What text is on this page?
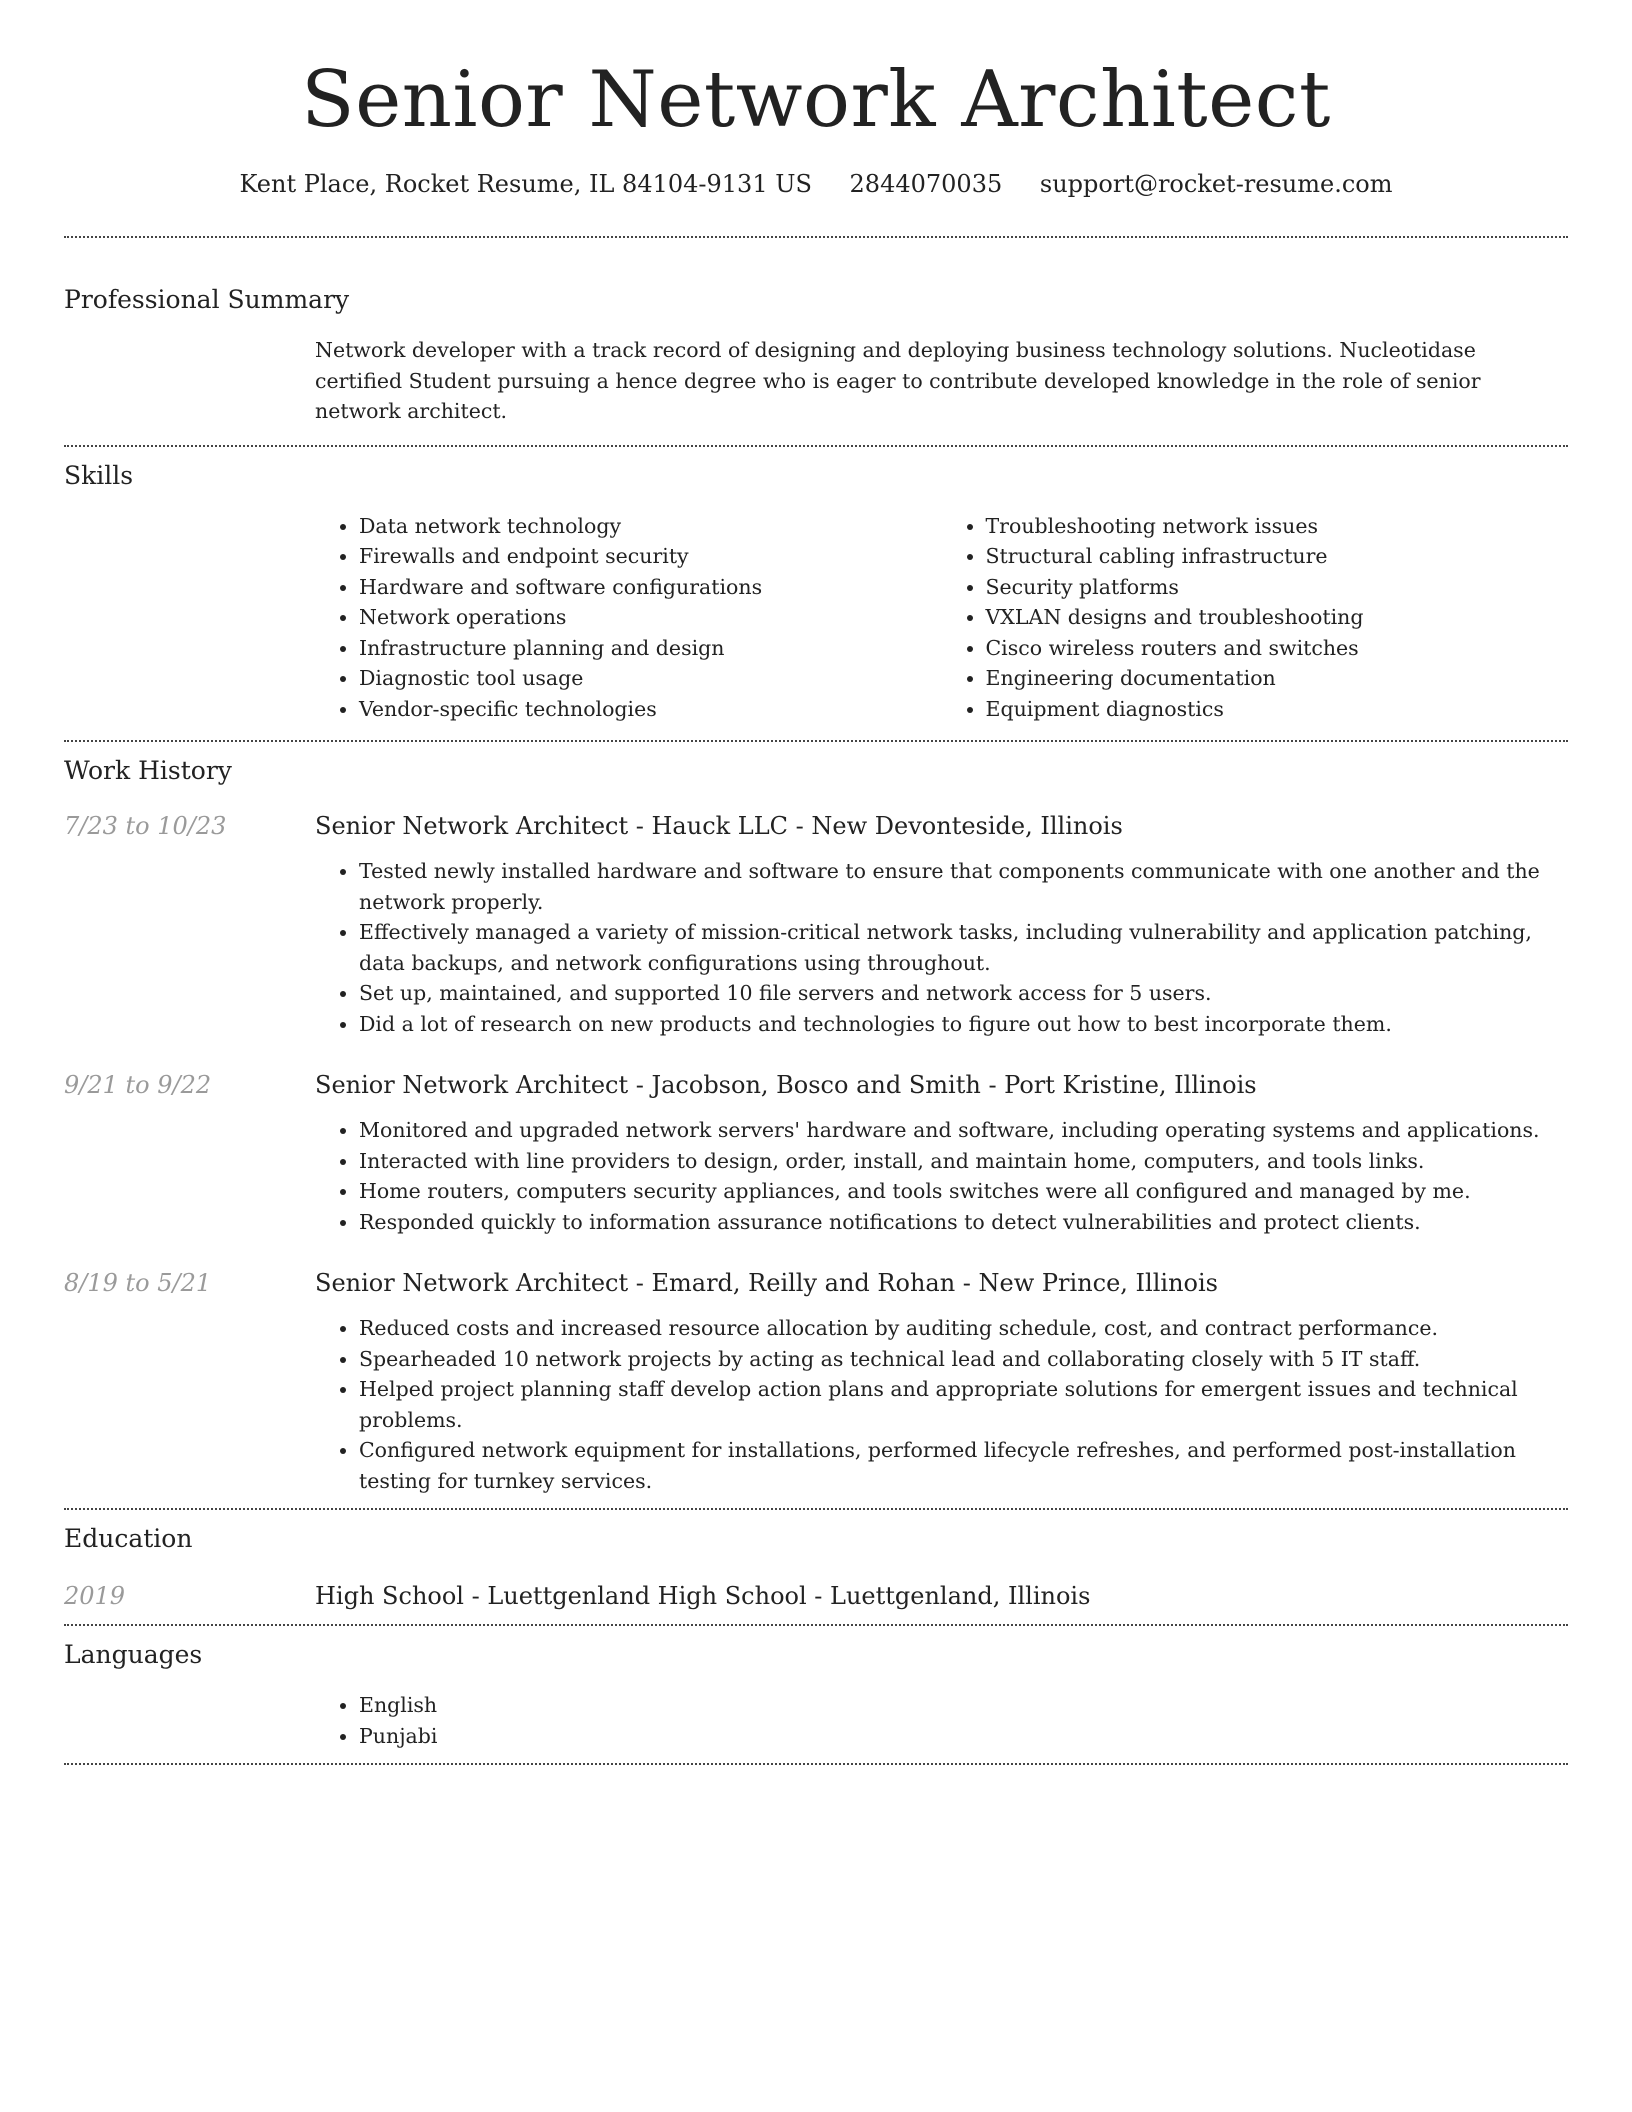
Senior Network Architect
Kent Place, Rocket Resume, IL 84104-9131 US 2844070035 support@rocket-resume.com
Professional Summary
Network developer with a track record of designing and deploying business technology solutions. Nucleotidase certified Student pursuing a hence degree who is eager to contribute developed knowledge in the role of senior network architect.
Skills
• Data network technology
• Firewalls and endpoint security
• Hardware and software configurations
• Network operations
• Infrastructure planning and design
• Diagnostic tool usage
• Vendor-specific technologies
• Troubleshooting network issues
• Structural cabling infrastructure
• Security platforms
• VXLAN designs and troubleshooting
• Cisco wireless routers and switches
• Engineering documentation
• Equipment diagnostics
Work History
7/23 to 10/23	Senior Network Architect - Hauck LLC - New Devonteside, Illinois
• Tested newly installed hardware and software to ensure that components communicate with one another and the network properly.
• Effectively managed a variety of mission-critical network tasks, including vulnerability and application patching, data backups, and network configurations using throughout.
• Set up, maintained, and supported 10 file servers and network access for 5 users.
• Did a lot of research on new products and technologies to figure out how to best incorporate them.
9/21 to 9/22	Senior Network Architect - Jacobson, Bosco and Smith - Port Kristine, Illinois
• Monitored and upgraded network servers' hardware and software, including operating systems and applications.
• Interacted with line providers to design, order, install, and maintain home, computers, and tools links.
• Home routers, computers security appliances, and tools switches were all configured and managed by me.
• Responded quickly to information assurance notifications to detect vulnerabilities and protect clients.
8/19 to 5/21	Senior Network Architect - Emard, Reilly and Rohan - New Prince, Illinois
• Reduced costs and increased resource allocation by auditing schedule, cost, and contract performance.
• Spearheaded 10 network projects by acting as technical lead and collaborating closely with 5 IT staff.
• Helped project planning staff develop action plans and appropriate solutions for emergent issues and technical problems.
• Configured network equipment for installations, performed lifecycle refreshes, and performed post-installation testing for turnkey services.
Education
2019	High School - Luettgenland High School - Luettgenland, Illinois
Languages
• English
• Punjabi
